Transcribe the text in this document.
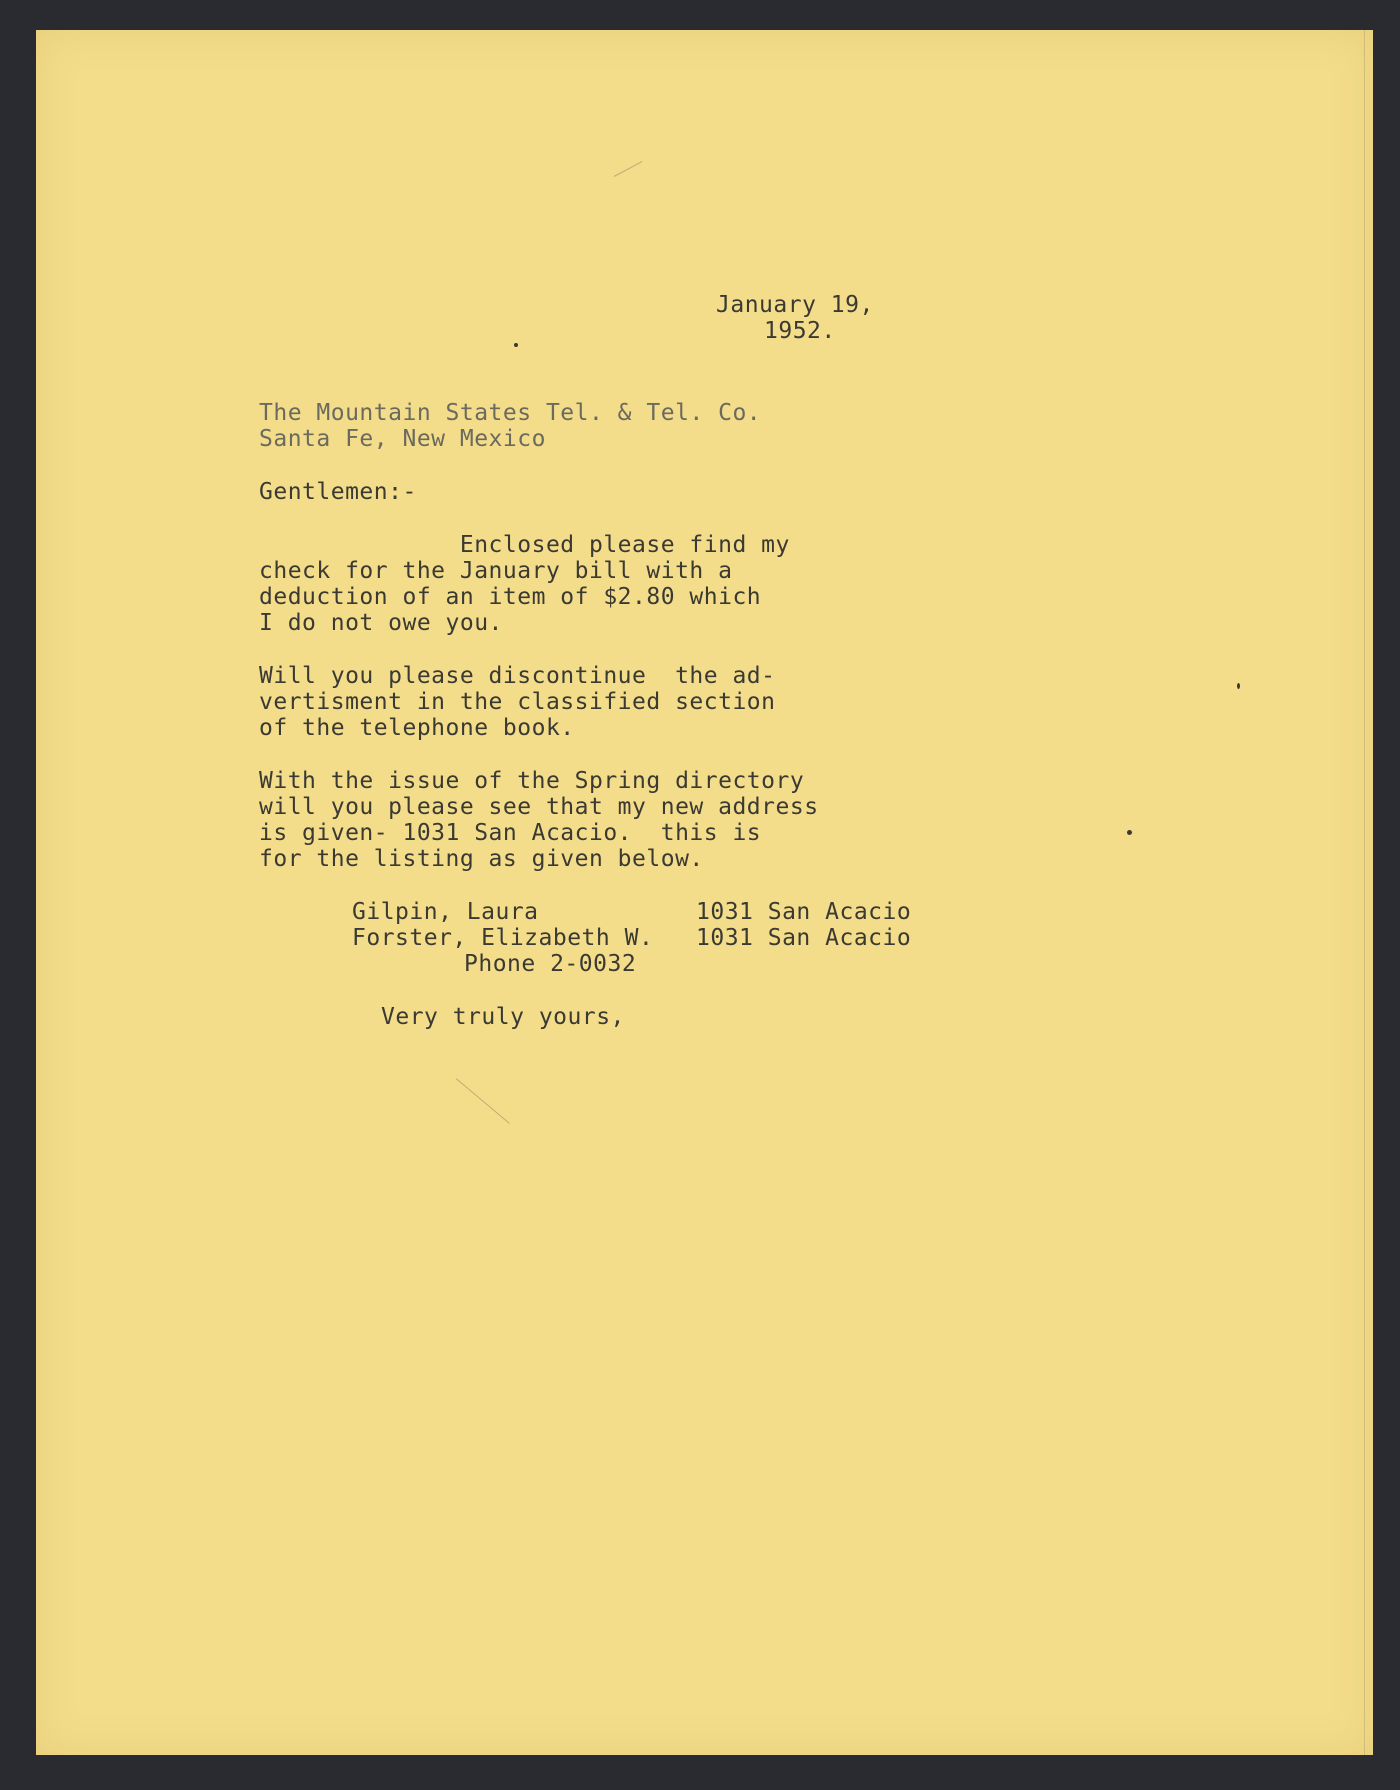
January 19,
1952.
The Mountain States Tel. & Tel. Co.
Santa Fe, New Mexico
Gentlemen:-
Enclosed please find my
check for the January bill with a
deduction of an item of $2.80 which
I do not owe you.
Will you please discontinue  the ad-
vertisment in the classified section
of the telephone book.
With the issue of the Spring directory
will you please see that my new address
is given- 1031 San Acacio.  this is
for the listing as given below.
Gilpin, Laura	1031 San Acacio
Forster, Elizabeth W. 1031 San Acacio
Phone 2-0032
Very truly yours,
